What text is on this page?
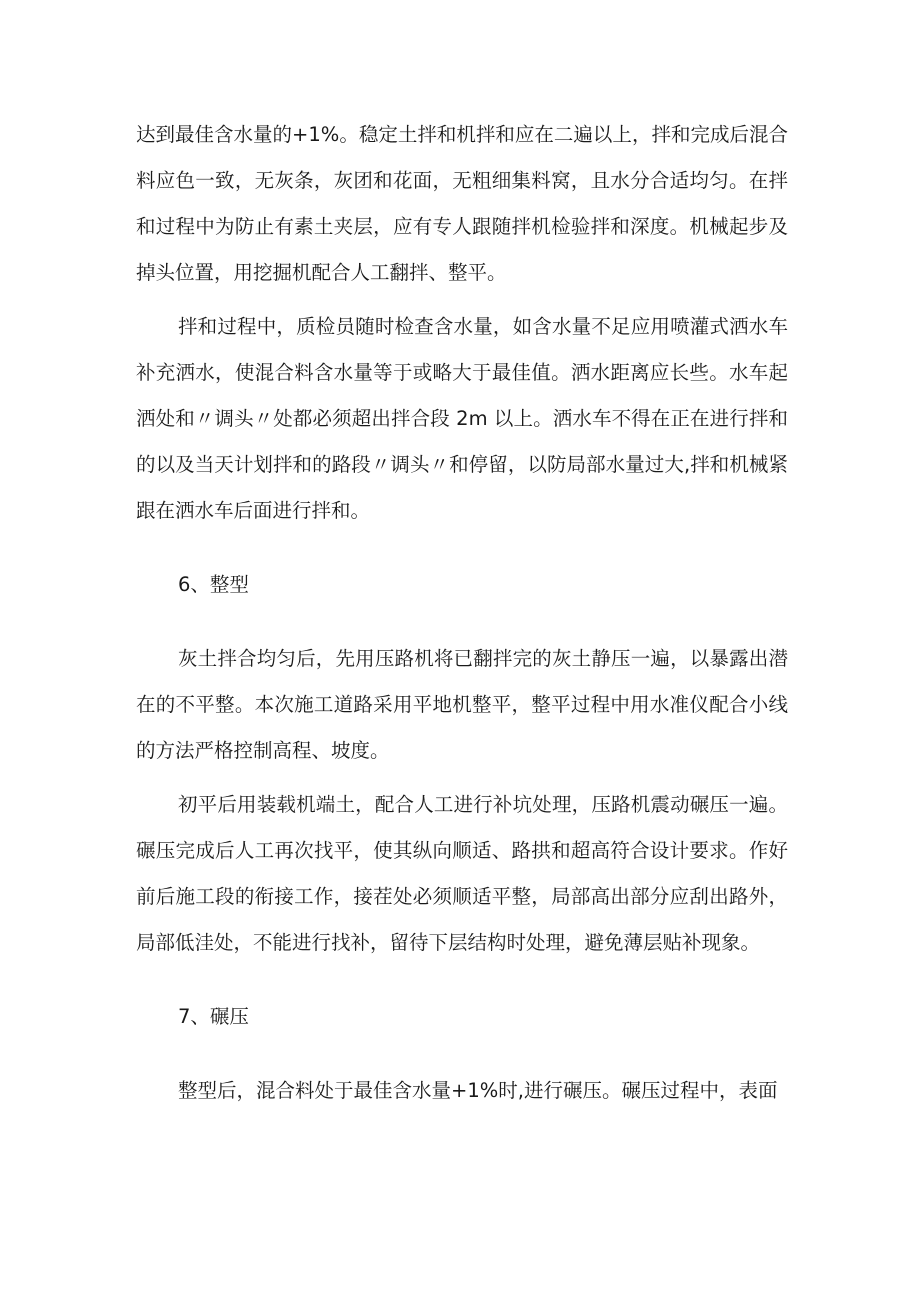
达到最佳含水量的+1%。稳定土拌和机拌和应在二遍以上，拌和完成后混合料应色一致，无灰条，灰团和花面，无粗细集料窝，且水分合适均匀。在拌和过程中为防止有素土夹层，应有专人跟随拌机检验拌和深度。机械起步及掉头位置，用挖掘机配合人工翻拌、整平。

拌和过程中，质检员随时检查含水量，如含水量不足应用喷灌式洒水车补充洒水，使混合料含水量等于或略大于最佳值。洒水距离应长些。水车起洒处和〃调头〃处都必须超出拌合段 2m 以上。洒水车不得在正在进行拌和的以及当天计划拌和的路段〃调头〃和停留，以防局部水量过大,拌和机械紧跟在洒水车后面进行拌和。

6、整型

灰土拌合均匀后，先用压路机将已翻拌完的灰土静压一遍，以暴露出潜在的不平整。本次施工道路采用平地机整平，整平过程中用水准仪配合小线的方法严格控制高程、坡度。

初平后用装载机端土，配合人工进行补坑处理，压路机震动碾压一遍。碾压完成后人工再次找平，使其纵向顺适、路拱和超高符合设计要求。作好前后施工段的衔接工作，接茬处必须顺适平整，局部高出部分应刮出路外，局部低洼处，不能进行找补，留待下层结构时处理，避免薄层贴补现象。

7、碾压

整型后，混合料处于最佳含水量+1%时,进行碾压。碾压过程中，表面
